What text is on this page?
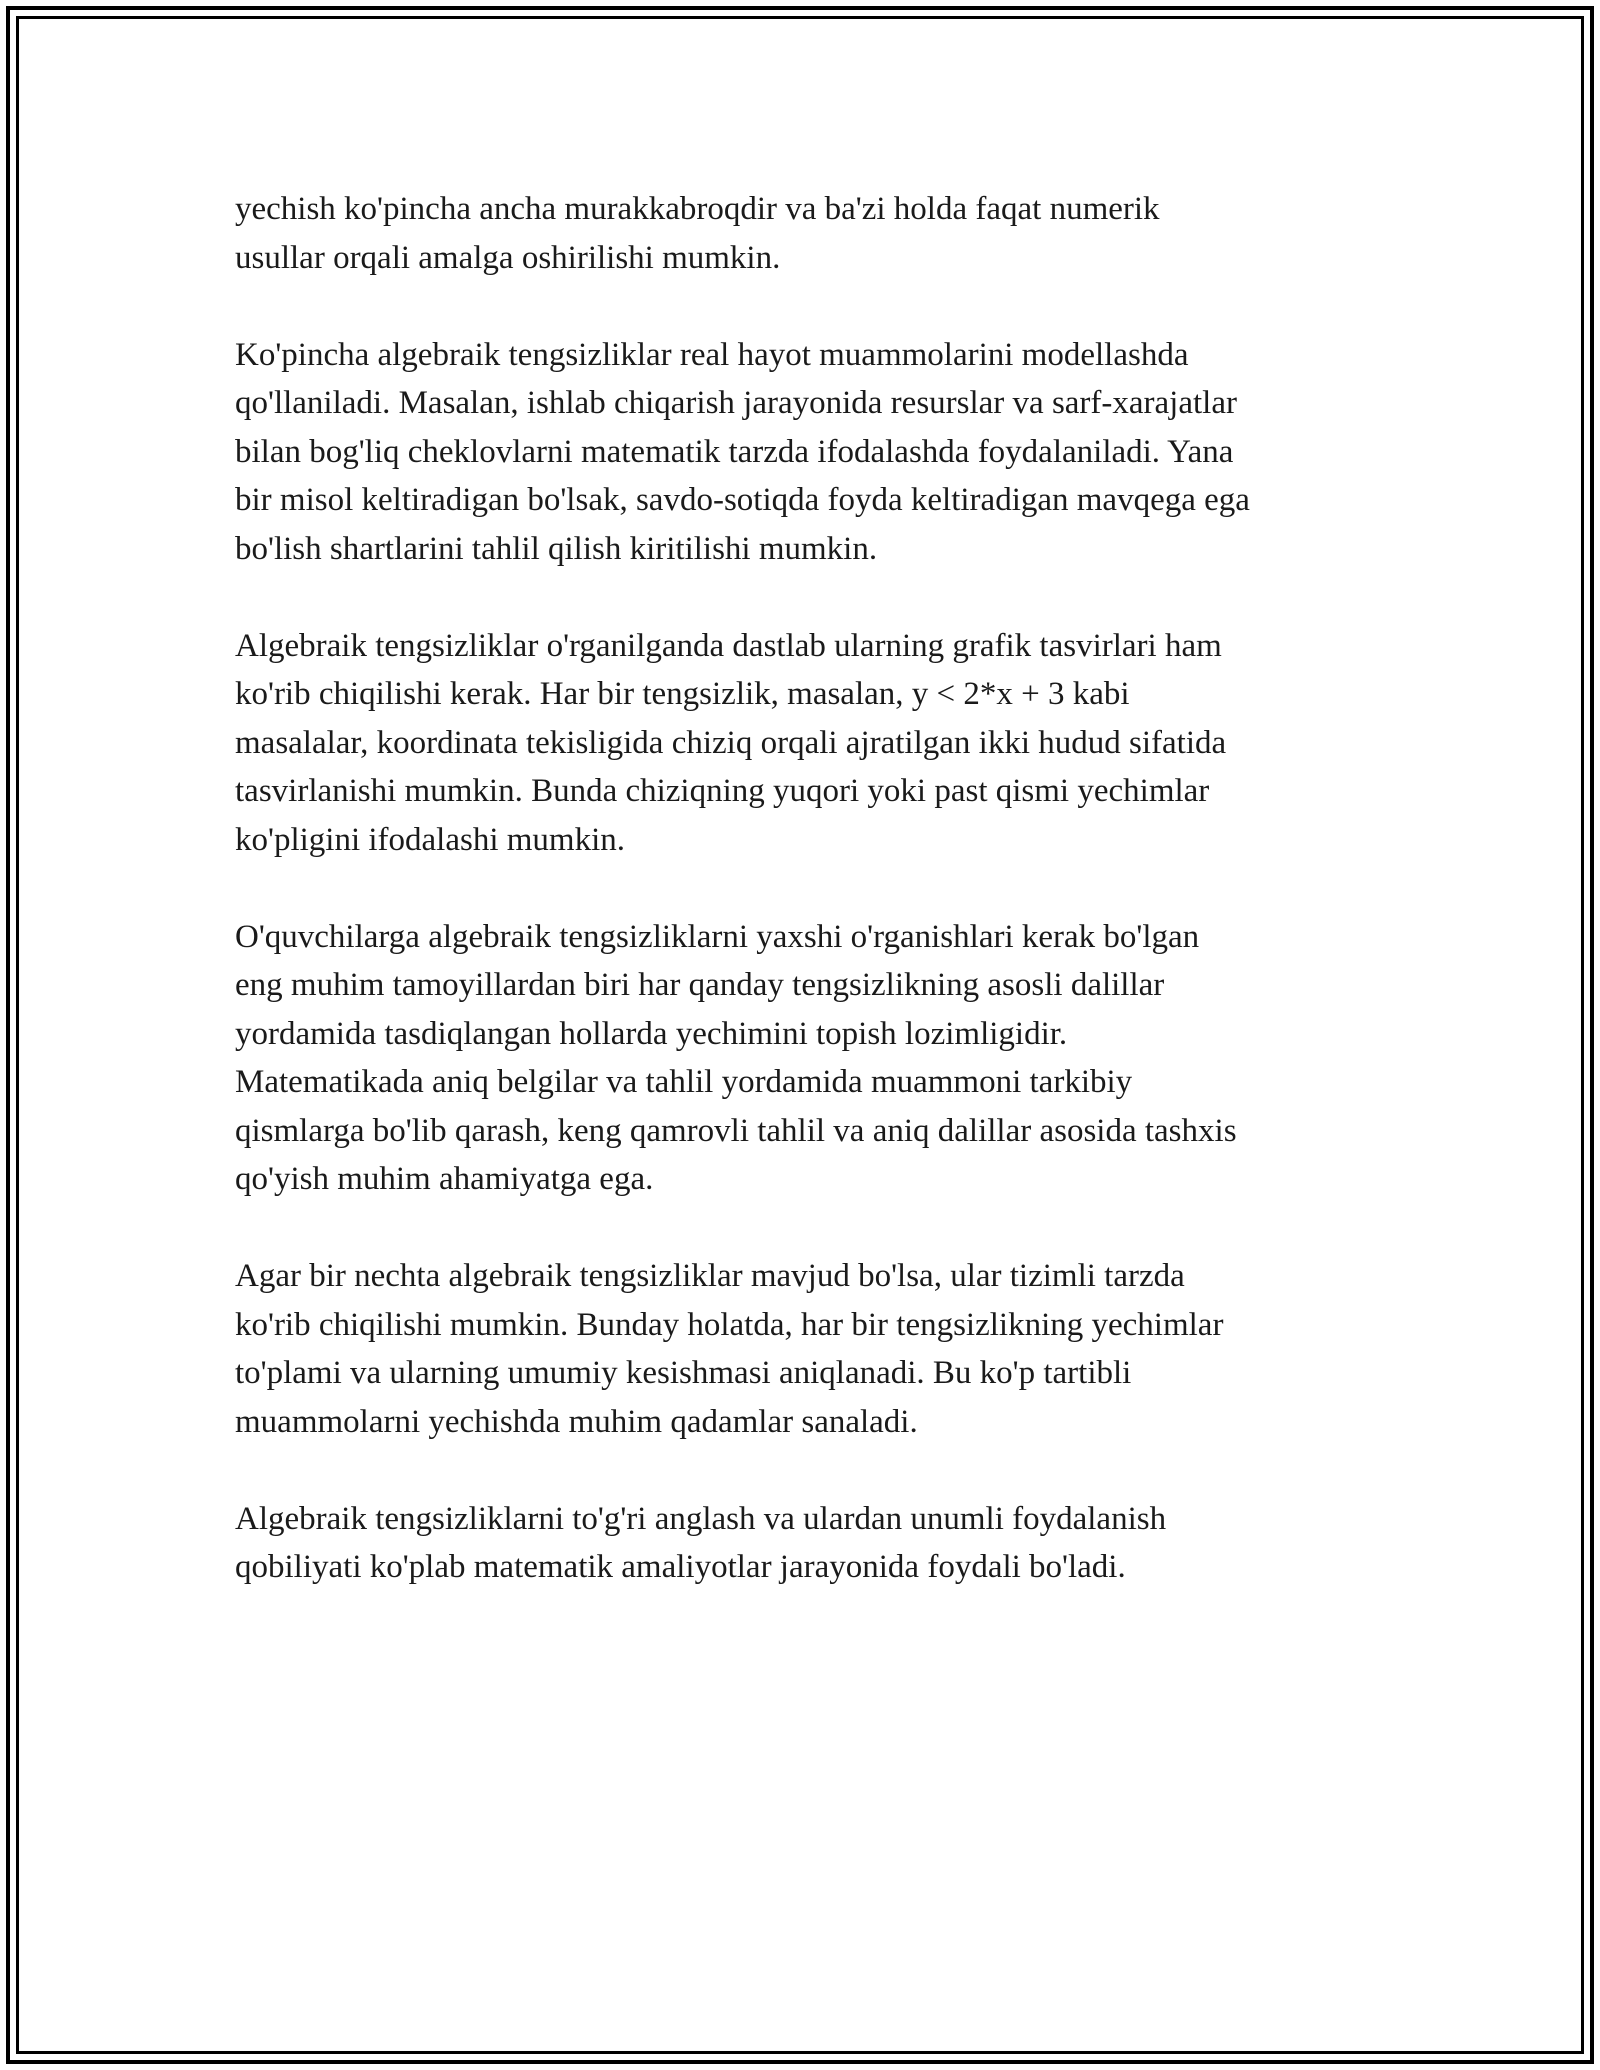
yechish ko'pincha ancha murakkabroqdir va ba'zi holda faqat numerik
usullar orqali amalga oshirilishi mumkin.

Ko'pincha algebraik tengsizliklar real hayot muammolarini modellashda
qo'llaniladi. Masalan, ishlab chiqarish jarayonida resurslar va sarf-xarajatlar
bilan bog'liq cheklovlarni matematik tarzda ifodalashda foydalaniladi. Yana
bir misol keltiradigan bo'lsak, savdo-sotiqda foyda keltiradigan mavqega ega
bo'lish shartlarini tahlil qilish kiritilishi mumkin.

Algebraik tengsizliklar o'rganilganda dastlab ularning grafik tasvirlari ham
ko'rib chiqilishi kerak. Har bir tengsizlik, masalan, y < 2*x + 3 kabi
masalalar, koordinata tekisligida chiziq orqali ajratilgan ikki hudud sifatida
tasvirlanishi mumkin. Bunda chiziqning yuqori yoki past qismi yechimlar
ko'pligini ifodalashi mumkin.

O'quvchilarga algebraik tengsizliklarni yaxshi o'rganishlari kerak bo'lgan
eng muhim tamoyillardan biri har qanday tengsizlikning asosli dalillar
yordamida tasdiqlangan hollarda yechimini topish lozimligidir.
Matematikada aniq belgilar va tahlil yordamida muammoni tarkibiy
qismlarga bo'lib qarash, keng qamrovli tahlil va aniq dalillar asosida tashxis
qo'yish muhim ahamiyatga ega.

Agar bir nechta algebraik tengsizliklar mavjud bo'lsa, ular tizimli tarzda
ko'rib chiqilishi mumkin. Bunday holatda, har bir tengsizlikning yechimlar
to'plami va ularning umumiy kesishmasi aniqlanadi. Bu ko'p tartibli
muammolarni yechishda muhim qadamlar sanaladi.

Algebraik tengsizliklarni to'g'ri anglash va ulardan unumli foydalanish
qobiliyati ko'plab matematik amaliyotlar jarayonida foydali bo'ladi.
